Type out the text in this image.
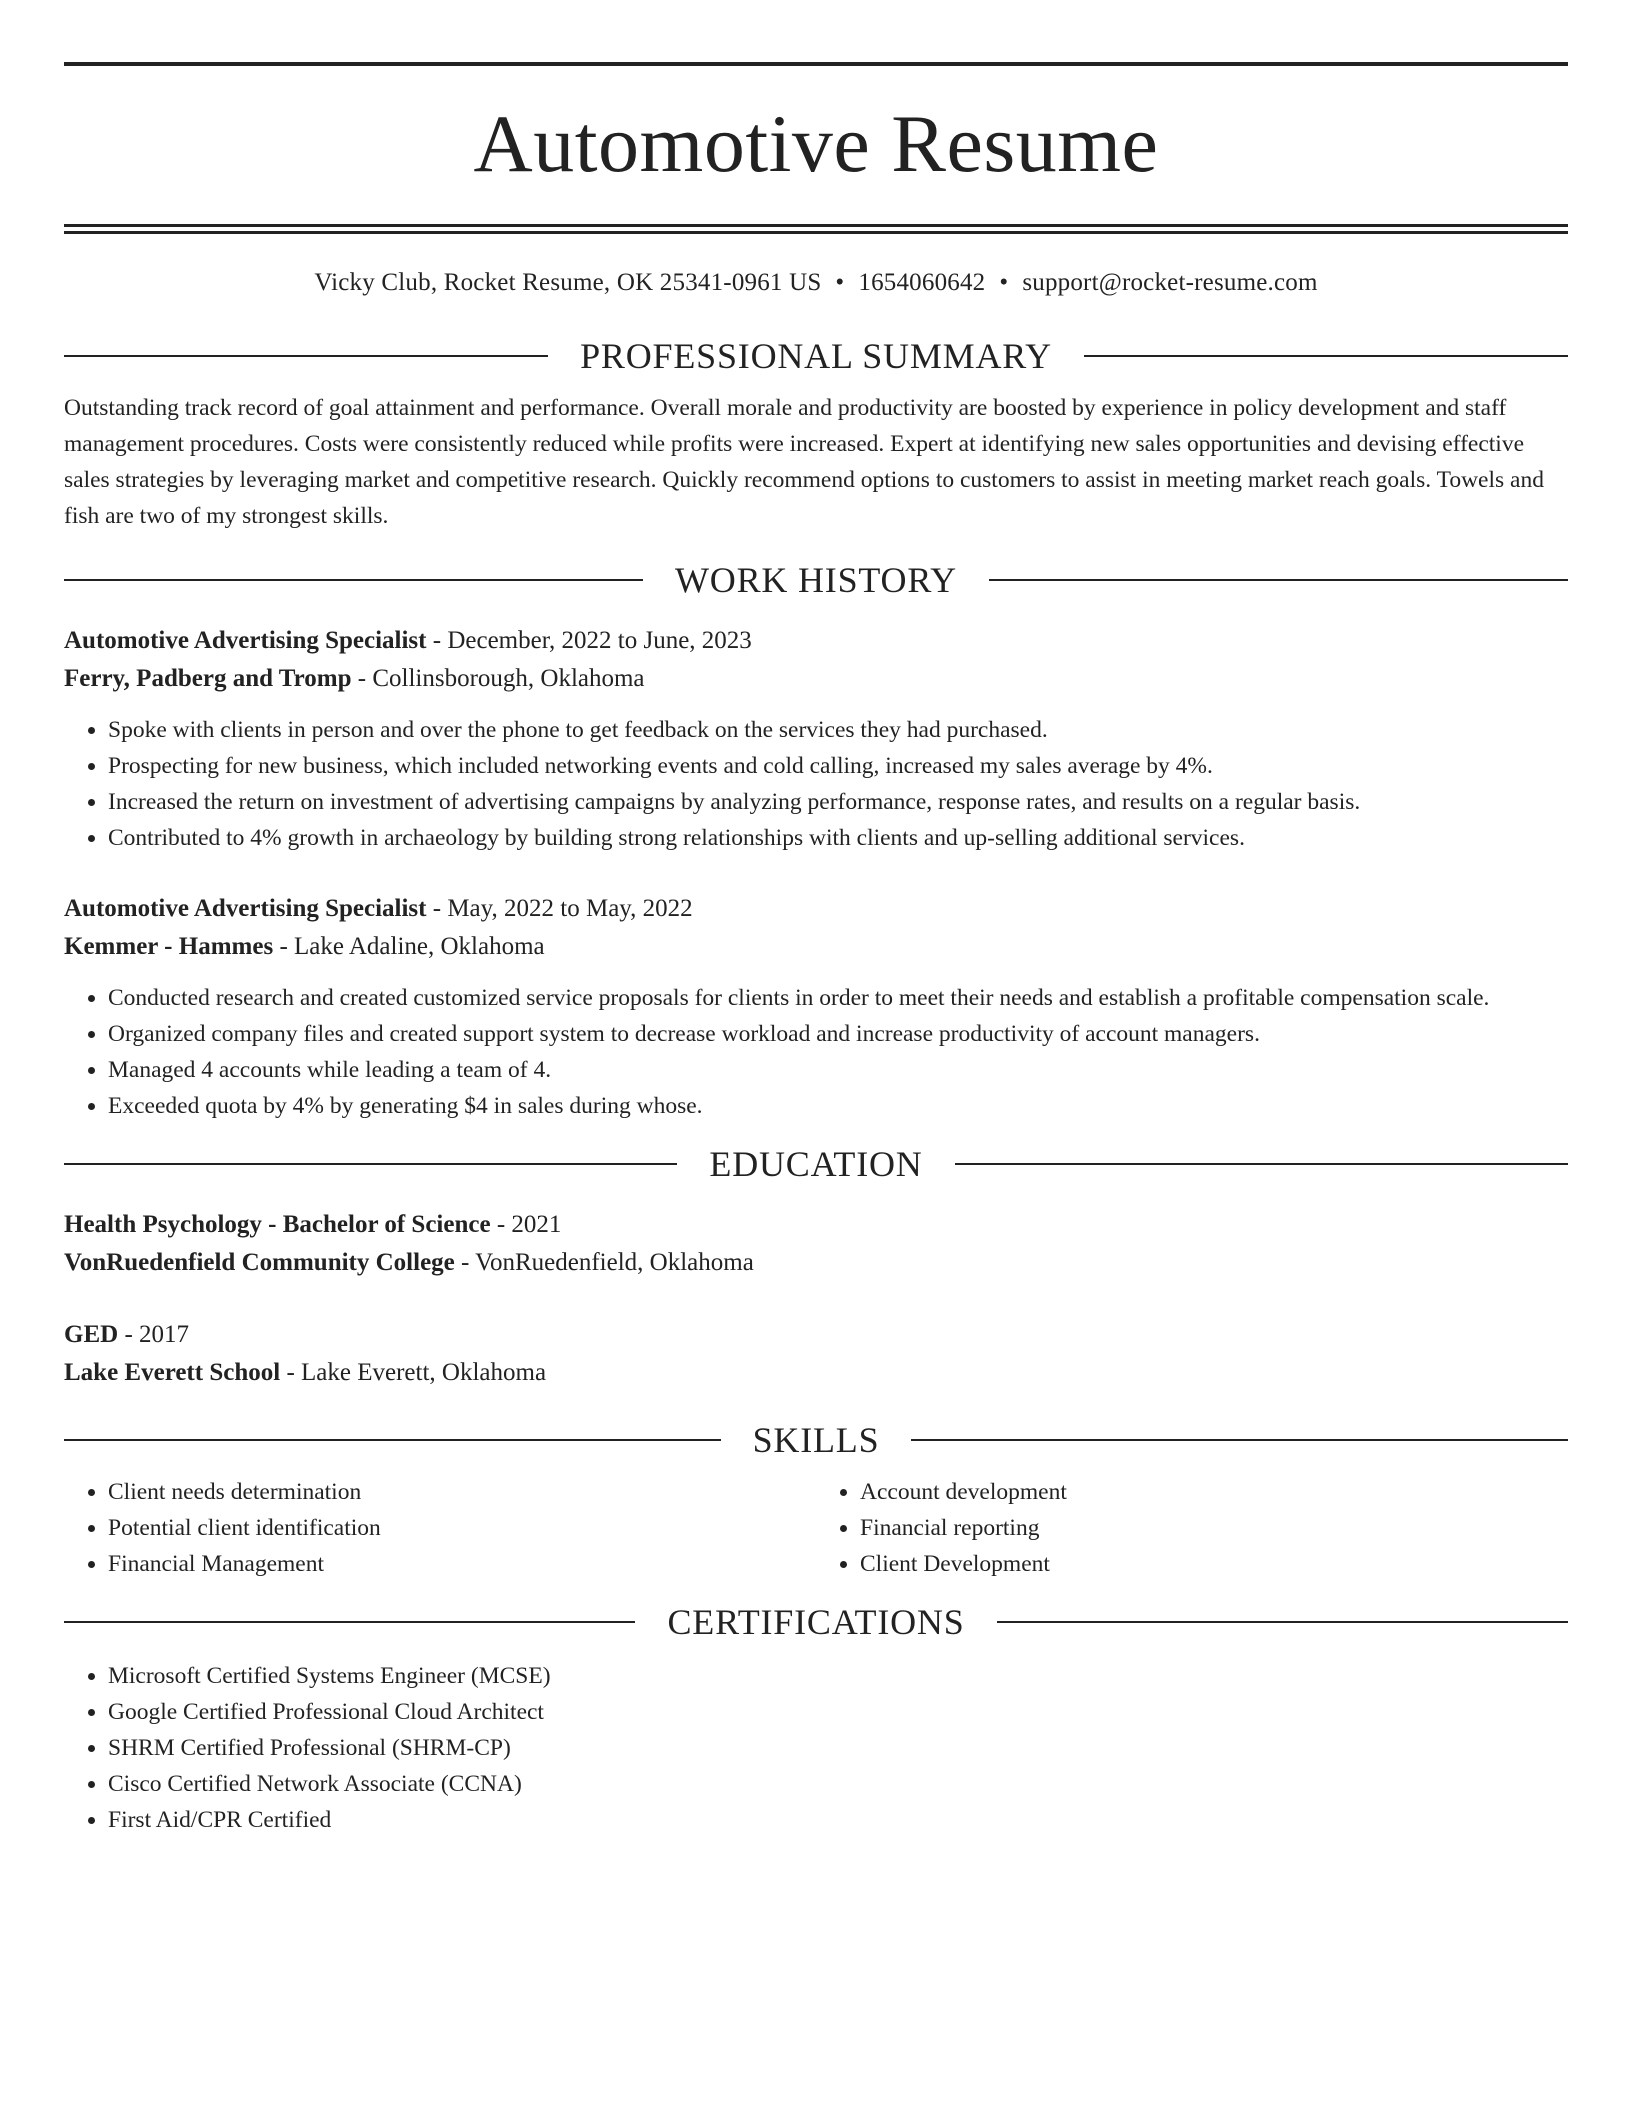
Automotive Resume
Vicky Club, Rocket Resume, OK 25341-0961 US • 1654060642 • support@rocket-resume.com
PROFESSIONAL SUMMARY

Outstanding track record of goal attainment and performance. Overall morale and productivity are boosted by experience in policy development and staff management procedures. Costs were consistently reduced while profits were increased. Expert at identifying new sales opportunities and devising effective sales strategies by leveraging market and competitive research. Quickly recommend options to customers to assist in meeting market reach goals. Towels and fish are two of my strongest skills.

WORK HISTORY
Automotive Advertising Specialist - December, 2022 to June, 2023
Ferry, Padberg and Tromp - Collinsborough, Oklahoma
• Spoke with clients in person and over the phone to get feedback on the services they had purchased.
• Prospecting for new business, which included networking events and cold calling, increased my sales average by 4%.
• Increased the return on investment of advertising campaigns by analyzing performance, response rates, and results on a regular basis.
• Contributed to 4% growth in archaeology by building strong relationships with clients and up-selling additional services.
Automotive Advertising Specialist - May, 2022 to May, 2022
Kemmer - Hammes - Lake Adaline, Oklahoma
• Conducted research and created customized service proposals for clients in order to meet their needs and establish a profitable compensation scale.
• Organized company files and created support system to decrease workload and increase productivity of account managers.
• Managed 4 accounts while leading a team of 4.
• Exceeded quota by 4% by generating $4 in sales during whose.
EDUCATION
Health Psychology - Bachelor of Science - 2021
VonRuedenfield Community College - VonRuedenfield, Oklahoma
GED - 2017
Lake Everett School - Lake Everett, Oklahoma
SKILLS
• Client needs determination
• Potential client identification
• Financial Management
• Account development
• Financial reporting
• Client Development
CERTIFICATIONS
• Microsoft Certified Systems Engineer (MCSE)
• Google Certified Professional Cloud Architect
• SHRM Certified Professional (SHRM-CP)
• Cisco Certified Network Associate (CCNA)
• First Aid/CPR Certified
